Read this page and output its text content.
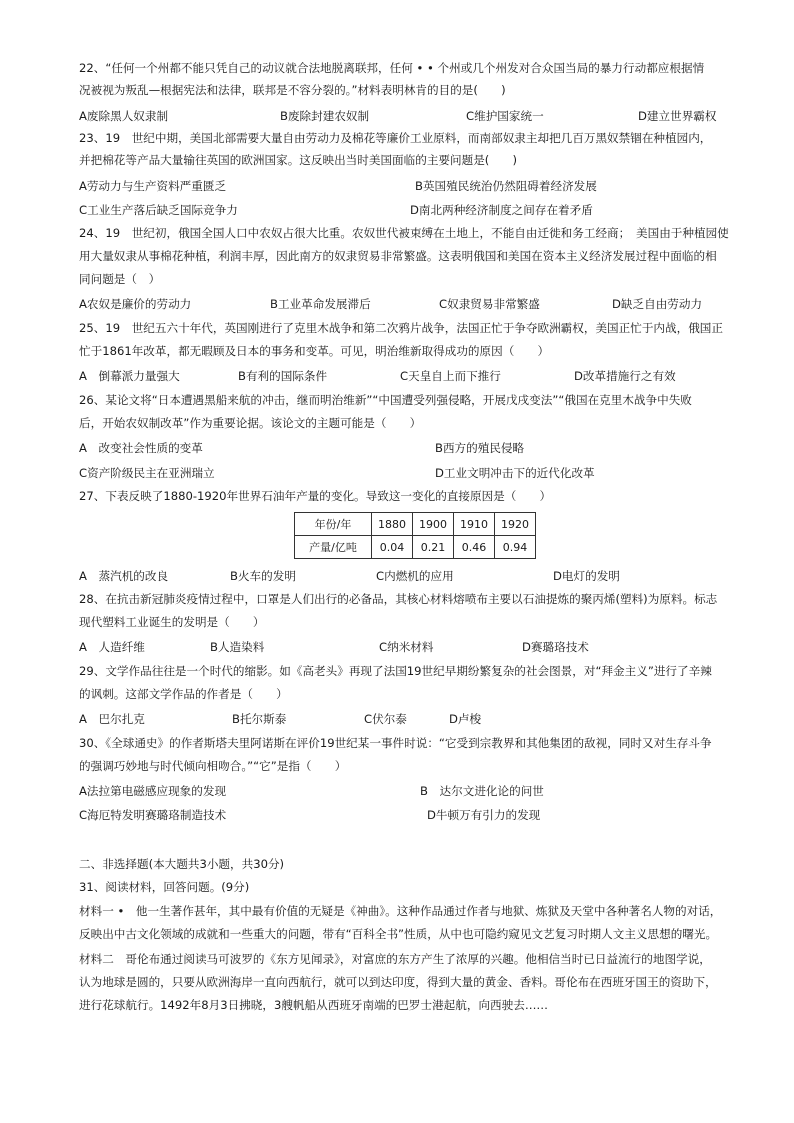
22、“任何一个州都不能只凭自己的动议就合法地脱离联邦，任何 • • 个州或几个州发对合众国当局的暴力行动都应根据情
况被视为叛乱—根据宪法和法律，联邦是不容分裂的。”材料表明林肯的目的是(　　)
A废除黑人奴隶制	B废除封建农奴制	C维护国家统一	D建立世界霸权
23、19　世纪中期，美国北部需要大量自由劳动力及棉花等廉价工业原料，而南部奴隶主却把几百万黑奴禁锢在种植园内，
并把棉花等产品大量输往英国的欧洲国家。这反映出当时美国面临的主要问题是(　　)
A劳动力与生产资料严重匮乏	B英国殖民统治仍然阻碍着经济发展
C工业生产落后缺乏国际竞争力	D南北两种经济制度之间存在着矛盾
24、19　世纪初，俄国全国人口中农奴占很大比重。农奴世代被束缚在土地上，不能自由迁徙和务工经商；　美国由于种植园使
用大量奴隶从事棉花种植，利润丰厚，因此南方的奴隶贸易非常繁盛。这表明俄国和美国在资本主义经济发展过程中面临的相
同问题是（　）
A农奴是廉价的劳动力	B工业革命发展滞后	C奴隶贸易非常繁盛	D缺乏自由劳动力
25、19　世纪五六十年代，英国刚进行了克里木战争和第二次鸦片战争，法国正忙于争夺欧洲霸权，美国正忙于内战，俄国正
忙于1861年改革，都无暇顾及日本的事务和变革。可见，明治维新取得成功的原因（　　）
A　倒幕派力量强大	B有利的国际条件	C天皇自上而下推行	D改革措施行之有效
26、某论文将“日本遭遇黑船来航的冲击，继而明治维新”“中国遭受列强侵略，开展戊戌变法”“俄国在克里木战争中失败
后，开始农奴制改革”作为重要论据。该论文的主题可能是（　　）
A　改变社会性质的变革	B西方的殖民侵略
C资产阶级民主在亚洲瑞立	D工业文明冲击下的近代化改革
27、下表反映了1880-1920年世界石油年产量的变化。导致这一变化的直接原因是（　　）
年份/年	1880	1900	1910	1920
产量/亿吨	0.04	0.21	0.46	0.94
A　蒸汽机的改良	B火车的发明	C内燃机的应用	D电灯的发明
28、在抗击新冠肺炎疫情过程中，口罩是人们出行的必备品，其核心材料熔喷布主要以石油提炼的聚丙烯(塑料)为原料。标志
现代塑料工业诞生的发明是（　　）
A　人造纤维	B人造染料	C纳米材料	D赛璐珞技术
29、文学作品往往是一个时代的缩影。如《高老头》再现了法国19世纪早期纷繁复杂的社会图景，对“拜金主义”进行了辛辣
的讽刺。这部文学作品的作者是（　　）
A　巴尔扎克	B托尔斯泰	C伏尔泰	D卢梭
30、《全球通史》的作者斯塔夫里阿诺斯在评价19世纪某一事件时说：“它受到宗教界和其他集团的敌视，同时又对生存斗争
的强调巧妙地与时代倾向相吻合。”“它”是指（　　）
A法拉第电磁感应现象的发现	B　达尔文进化论的问世
C海厄特发明赛璐珞制造技术	D牛顿万有引力的发现
二、非选择题(本大题共3小题，共30分)
31、阅读材料，回答问题。(9分)
材料一 •　他一生著作甚年，其中最有价值的无疑是《神曲》。这种作品通过作者与地狱、炼狱及天堂中各种著名人物的对话，
反映出中古文化领域的成就和一些重大的问题，带有“百科全书”性质，从中也可隐约窥见文艺复习时期人文主义思想的曙光。
材料二　哥伦布通过阅读马可波罗的《东方见闻录》，对富庶的东方产生了浓厚的兴趣。他相信当时已日益流行的地图学说，
认为地球是圆的，只要从欧洲海岸一直向西航行，就可以到达印度，得到大量的黄金、香料。哥伦布在西班牙国王的资助下，
进行花球航行。1492年8月3日拂晓，3艘帆船从西班牙南端的巴罗士港起航，向西驶去……
